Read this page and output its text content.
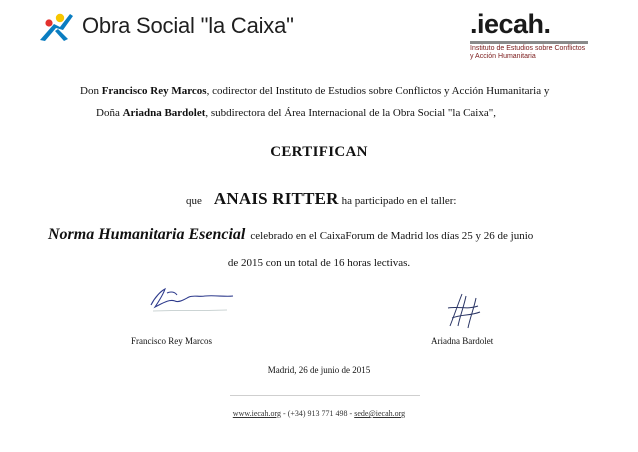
Obra Social "la Caixa"	.iecah.
Instituto de Estudios sobre Conflictos
y Acción Humanitaria
Don Francisco Rey Marcos, codirector del Instituto de Estudios sobre Conflictos y Acción Humanitaria y
Doña Ariadna Bardolet, subdirectora del Área Internacional de la Obra Social "la Caixa",
CERTIFICAN
que ANAIS RITTER ha participado en el taller:
Norma Humanitaria Esencial celebrado en el CaixaForum de Madrid los días 25 y 26 de junio
de 2015 con un total de 16 horas lectivas.
Francisco Rey Marcos	Ariadna Bardolet
Madrid, 26 de junio de 2015
www.iecah.org - (+34) 913 771 498 - sede@iecah.org
